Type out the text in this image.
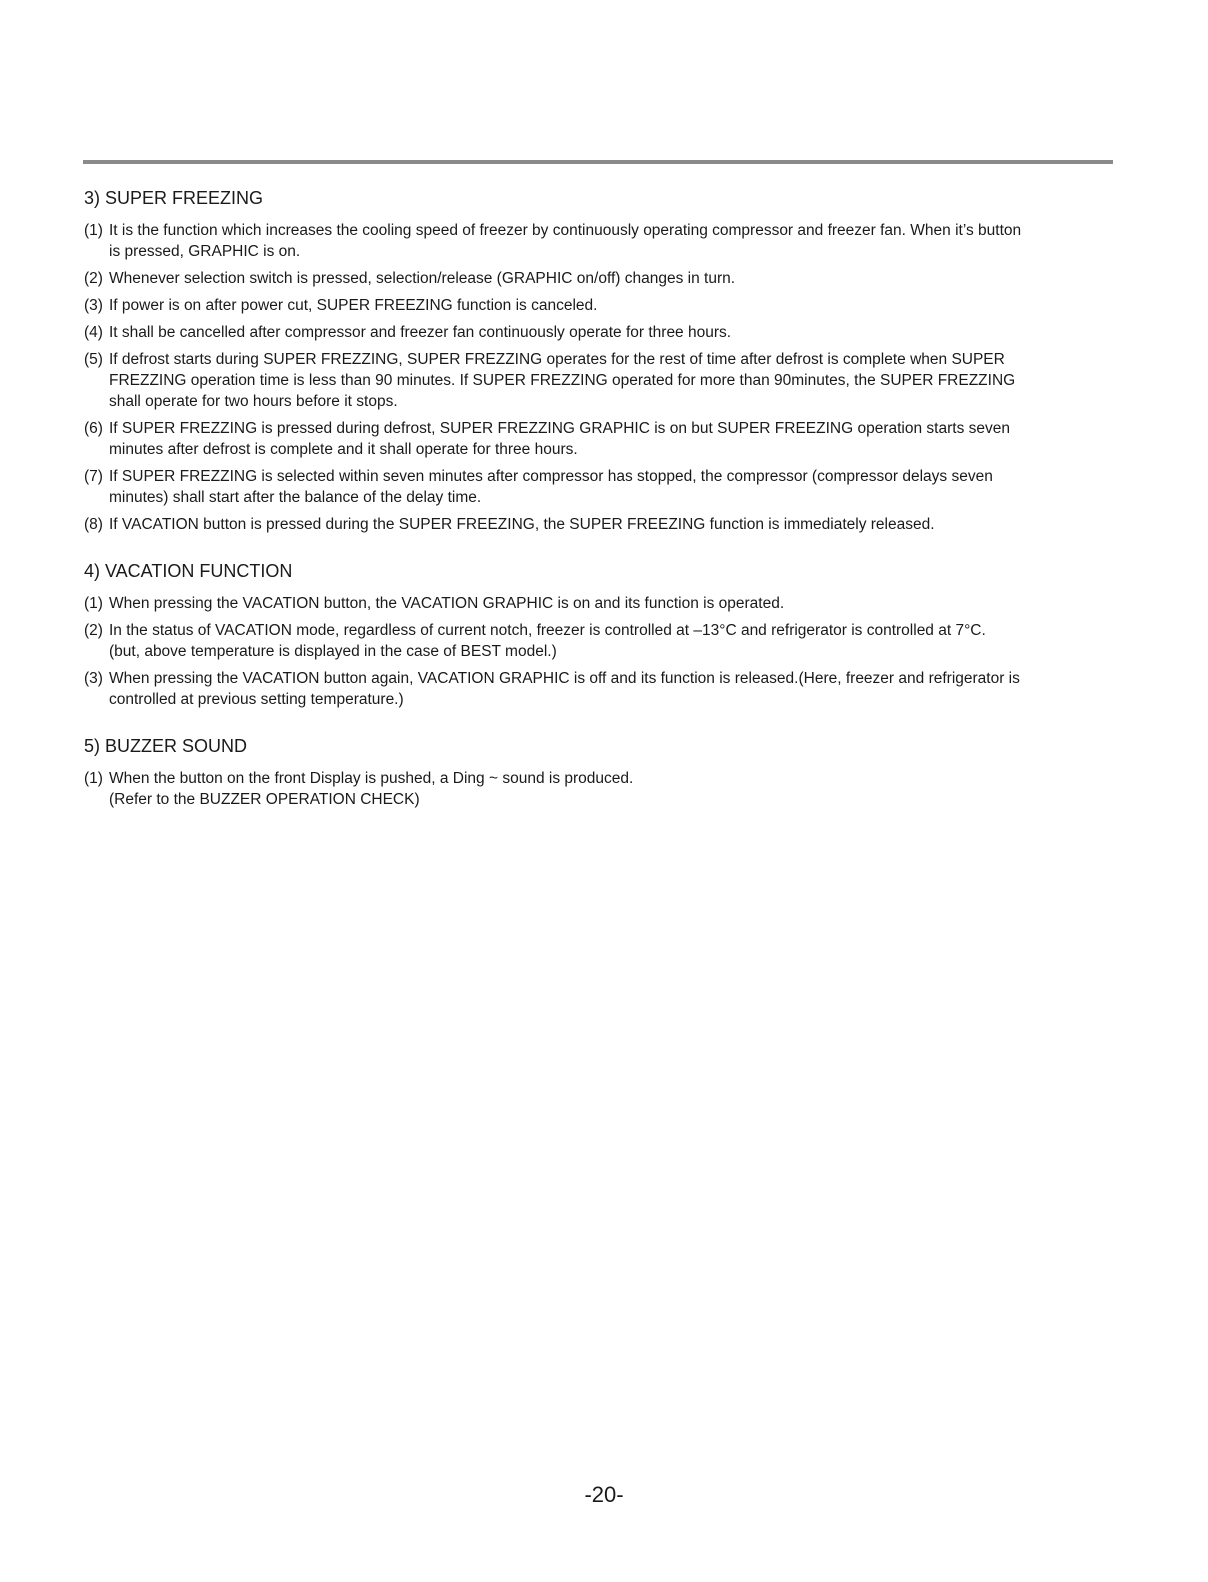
3) SUPER FREEZING
(1) It is the function which increases the cooling speed of freezer by continuously operating compressor and freezer fan. When it’s button
is pressed, GRAPHIC is on.
(2) Whenever selection switch is pressed, selection/release (GRAPHIC on/off) changes in turn.
(3) If power is on after power cut, SUPER FREEZING function is canceled.
(4) It shall be cancelled after compressor and freezer fan continuously operate for three hours.
(5) If defrost starts during SUPER FREZZING, SUPER FREZZING operates for the rest of time after defrost is complete when SUPER
FREZZING operation time is less than 90 minutes. If SUPER FREZZING operated for more than 90minutes, the SUPER FREZZING
shall operate for two hours before it stops.
(6) If SUPER FREZZING is pressed during defrost, SUPER FREZZING GRAPHIC is on but SUPER FREEZING operation starts seven
minutes after defrost is complete and it shall operate for three hours.
(7) If SUPER FREZZING is selected within seven minutes after compressor has stopped, the compressor (compressor delays seven
minutes) shall start after the balance of the delay time.
(8) If VACATION button is pressed during the SUPER FREEZING, the SUPER FREEZING function is immediately released.
4) VACATION FUNCTION
(1) When pressing the VACATION button, the VACATION GRAPHIC is on and its function is operated.
(2) In the status of VACATION mode, regardless of current notch, freezer is controlled at –13°C and refrigerator is controlled at 7°C.
(but, above temperature is displayed in the case of BEST model.)
(3) When pressing the VACATION button again, VACATION GRAPHIC is off and its function is released.(Here, freezer and refrigerator is
controlled at previous setting temperature.)
5) BUZZER SOUND
(1) When the button on the front Display is pushed, a Ding ~ sound is produced.
(Refer to the BUZZER OPERATION CHECK)
-20-
